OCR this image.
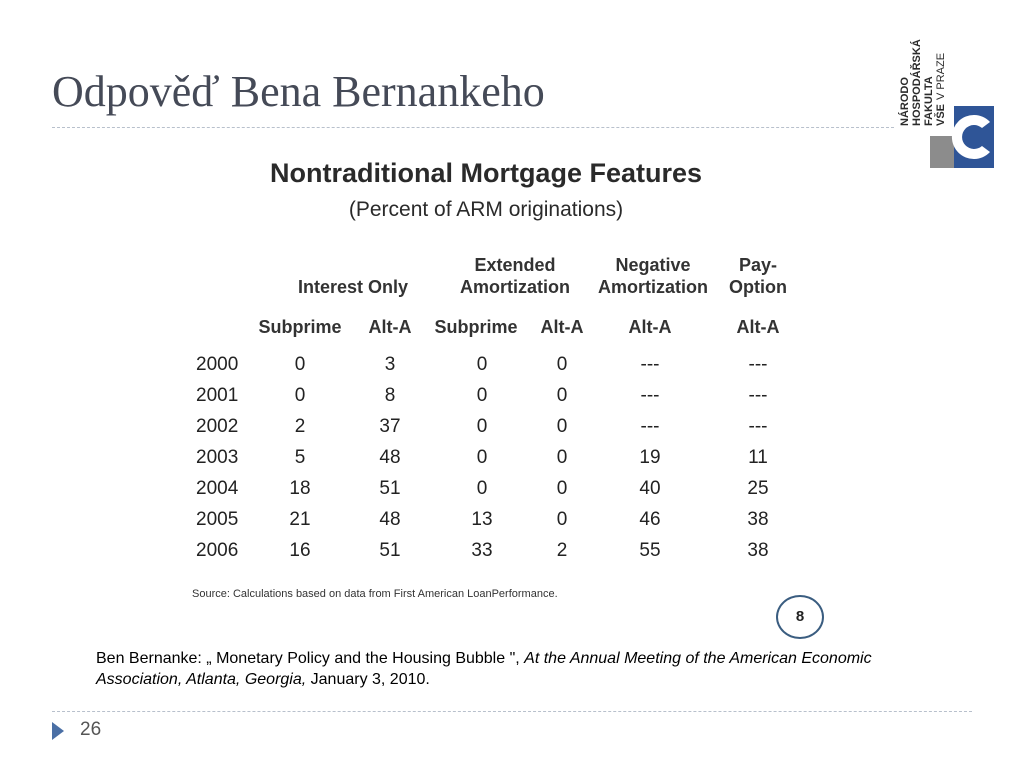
Odpověď Bena Bernankeho	NÁRODO HOSPODÁŘSKÁ FAKULTA VŠE
V PRAZE
Nontraditional Mortgage Features
(Percent of ARM originations)
Interest Only
Extended
Amortization
Negative
Amortization
Pay-
Option
Subprime	Alt-A	Subprime	Alt-A	Alt-A	Alt-A
2000	0	3	0	0	---	---
2001	0	8	0	0	---	---
2002	2	37	0	0	---	---
2003	5	48	0	0	19	11
2004	18	51	0	0	40	25
2005	21	48	13	0	46	38
2006	16	51	33	2	55	38
Source: Calculations based on data from First American LoanPerformance.
8
Ben Bernanke: „ Monetary Policy and the Housing Bubble ", At the Annual Meeting of the American Economic Association, Atlanta, Georgia, January 3, 2010.
26
